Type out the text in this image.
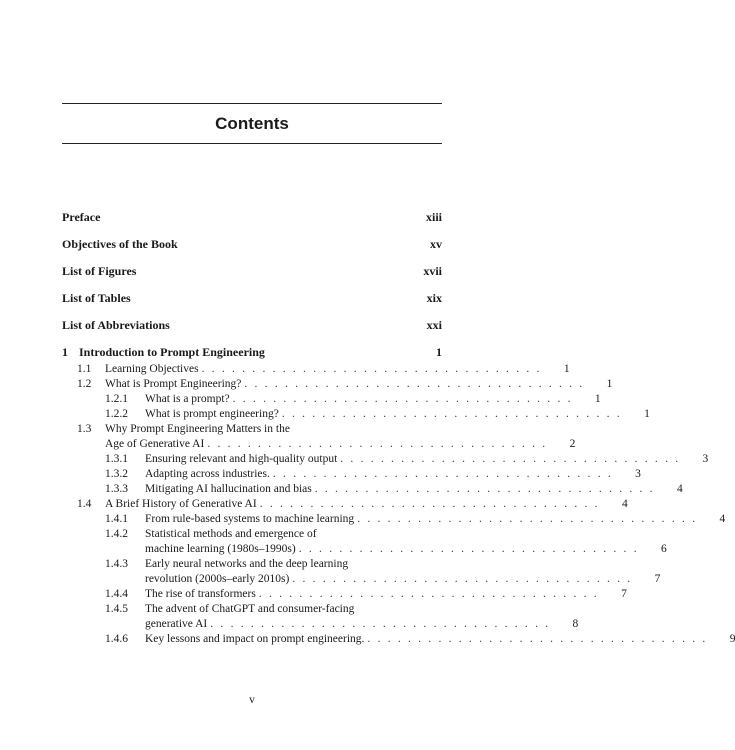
Contents
Preface	xiii
Objectives of the Book	xv
List of Figures	xvii
List of Tables	xix
List of Abbreviations	xxi
1 Introduction to Prompt Engineering	1
1.1	Learning Objectives . . . . . . . . . . . . . . . . . . . . . . . . . . . . . . . . . .	1
1.2	What is Prompt Engineering? . . . . . . . . . . . . . . . . . . . . . . . . . . . . . . . . . .	1
1.2.1	What is a prompt? . . . . . . . . . . . . . . . . . . . . . . . . . . . . . . . . . .	1
1.2.2	What is prompt engineering? . . . . . . . . . . . . . . . . . . . . . . . . . . . . . . . . . .	1
1.3 Why Prompt Engineering Matters in the
Age of Generative AI . . . . . . . . . . . . . . . . . . . . . . . . . . . . . . . . . .	2
1.3.1	Ensuring relevant and high-quality output . . . . . . . . . . . . . . . . . . . . . . . . . . . . . . . . . .	3
1.3.2	Adapting across industries. . . . . . . . . . . . . . . . . . . . . . . . . . . . . . . . . . .	3
1.3.3	Mitigating AI hallucination and bias . . . . . . . . . . . . . . . . . . . . . . . . . . . . . . . . . .	4
1.4	A Brief History of Generative AI . . . . . . . . . . . . . . . . . . . . . . . . . . . . . . . . . .	4
1.4.1	From rule-based systems to machine learning . . . . . . . . . . . . . . . . . . . . . . . . . . . . . . . . . .	4
1.4.2 Statistical methods and emergence of
machine learning (1980s–1990s) . . . . . . . . . . . . . . . . . . . . . . . . . . . . . . . . . .	6
1.4.3 Early neural networks and the deep learning
revolution (2000s–early 2010s) . . . . . . . . . . . . . . . . . . . . . . . . . . . . . . . . . .	7
1.4.4	The rise of transformers . . . . . . . . . . . . . . . . . . . . . . . . . . . . . . . . . .	7
1.4.5 The advent of ChatGPT and consumer-facing
generative AI . . . . . . . . . . . . . . . . . . . . . . . . . . . . . . . . . .	8
1.4.6	Key lessons and impact on prompt engineering. . . . . . . . . . . . . . . . . . . . . . . . . . . . . . . . . . .	9
v
